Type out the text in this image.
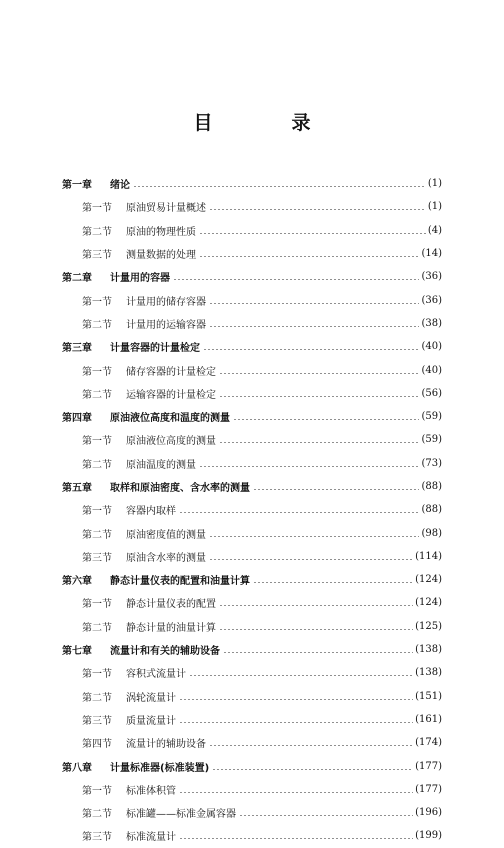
目　录
第一章	绪论	(1)
第一节	原油贸易计量概述	(1)
第二节	原油的物理性质	(4)
第三节	测量数据的处理	(14)
第二章	计量用的容器	(36)
第一节	计量用的储存容器	(36)
第二节	计量用的运输容器	(38)
第三章	计量容器的计量检定	(40)
第一节	储存容器的计量检定	(40)
第二节	运输容器的计量检定	(56)
第四章	原油液位高度和温度的测量	(59)
第一节	原油液位高度的测量	(59)
第二节	原油温度的测量	(73)
第五章	取样和原油密度、含水率的测量	(88)
第一节	容器内取样	(88)
第二节	原油密度值的测量	(98)
第三节	原油含水率的测量	(114)
第六章	静态计量仪表的配置和油量计算	(124)
第一节	静态计量仪表的配置	(124)
第二节	静态计量的油量计算	(125)
第七章	流量计和有关的辅助设备	(138)
第一节	容积式流量计	(138)
第二节	涡轮流量计	(151)
第三节	质量流量计	(161)
第四节	流量计的辅助设备	(174)
第八章	计量标准器(标准装置)	(177)
第一节	标准体积管	(177)
第二节	标准罐——标准金属容器	(196)
第三节	标准流量计	(199)
